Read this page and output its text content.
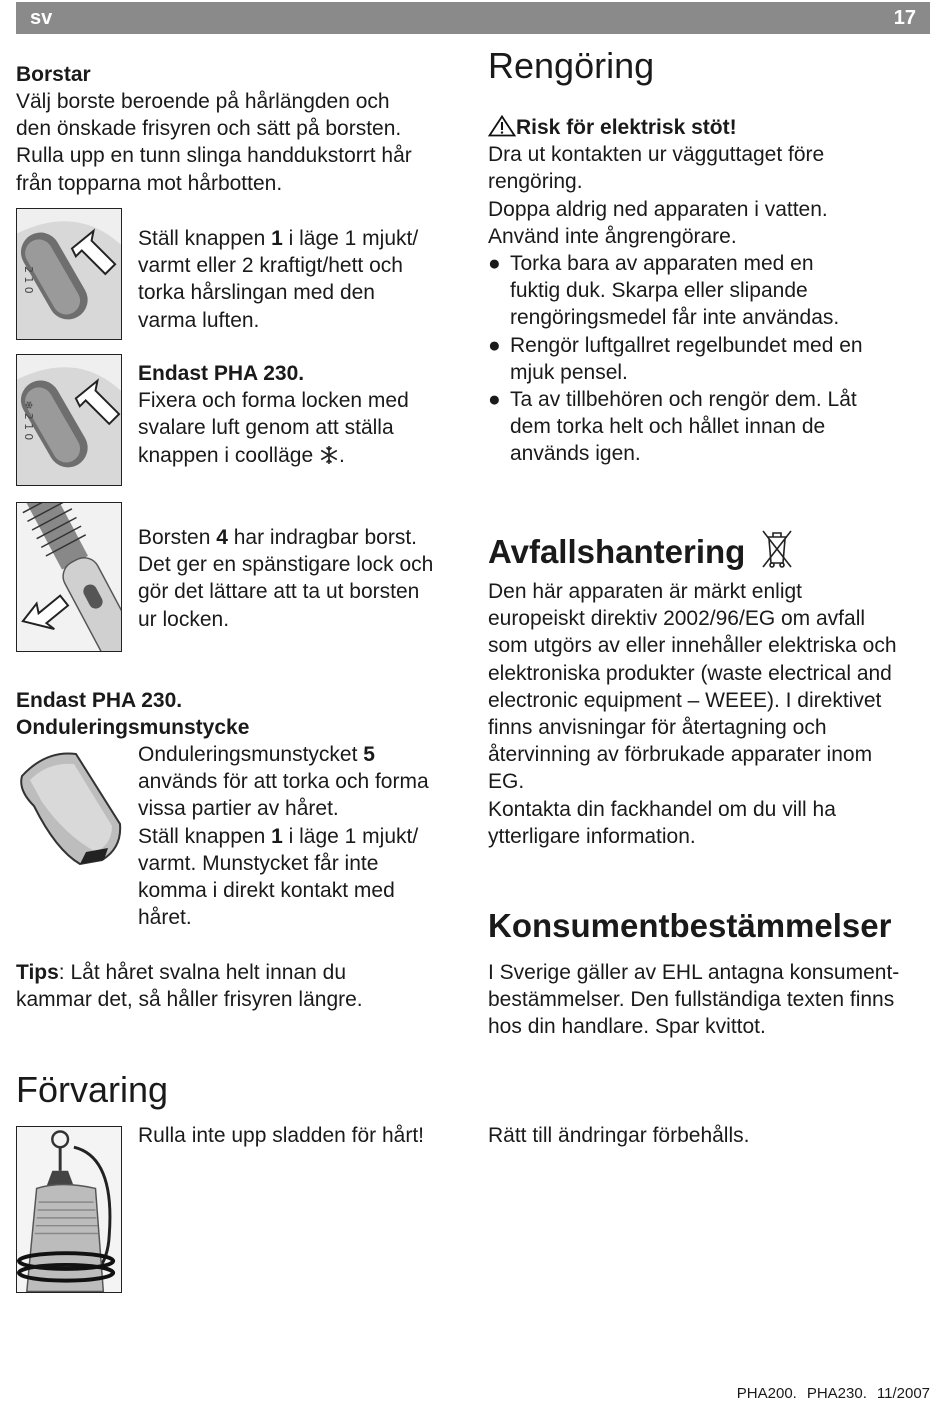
sv	17
Borstar
Välj borste beroende på hårlängden och
den önskade frisyren och sätt på borsten.
Rulla upp en tunn slinga handdukstorrt hår
från topparna mot hårbotten.
2 1 0
Ställ knappen 1 i läge 1 mjukt/
varmt eller 2 kraftigt/hett och
torka hårslingan med den
varma luften.
❄ 2 1 0
Endast PHA 230.
Fixera och forma locken med
svalare luft genom att ställa
knappen i coolläge .
Borsten 4 har indragbar borst.
Det ger en spänstigare lock och
gör det lättare att ta ut borsten
ur locken.
Endast PHA 230.
Onduleringsmunstycke
Onduleringsmunstycket 5
används för att torka och forma
vissa partier av håret.
Ställ knappen 1 i läge 1 mjukt/
varmt. Munstycket får inte
komma i direkt kontakt med
håret.
Tips: Låt håret svalna helt innan du
kammar det, så håller frisyren längre.
Förvaring
Rulla inte upp sladden för hårt!
Rengöring
Risk för elektrisk stöt!
Dra ut kontakten ur vägguttaget före
rengöring.
Doppa aldrig ned apparaten i vatten.
Använd inte ångrengörare.
● Torka bara av apparaten med en
fuktig duk. Skarpa eller slipande
rengöringsmedel får inte användas.
● Rengör luftgallret regelbundet med en
mjuk pensel.
● Ta av tillbehören och rengör dem. Låt
dem torka helt och hållet innan de
används igen.
Avfallshantering
Den här apparaten är märkt enligt
europeiskt direktiv 2002/96/EG om avfall
som utgörs av eller innehåller elektriska och
elektroniska produkter (waste electrical and
electronic equipment – WEEE). I direktivet
finns anvisningar för återtagning och
återvinning av förbrukade apparater inom
EG.
Kontakta din fackhandel om du vill ha
ytterligare information.
Konsumentbestämmelser
I Sverige gäller av EHL antagna konsument-
bestämmelser. Den fullständiga texten finns
hos din handlare. Spar kvittot.
Rätt till ändringar förbehålls.
PHA200. PHA230. 11/2007
